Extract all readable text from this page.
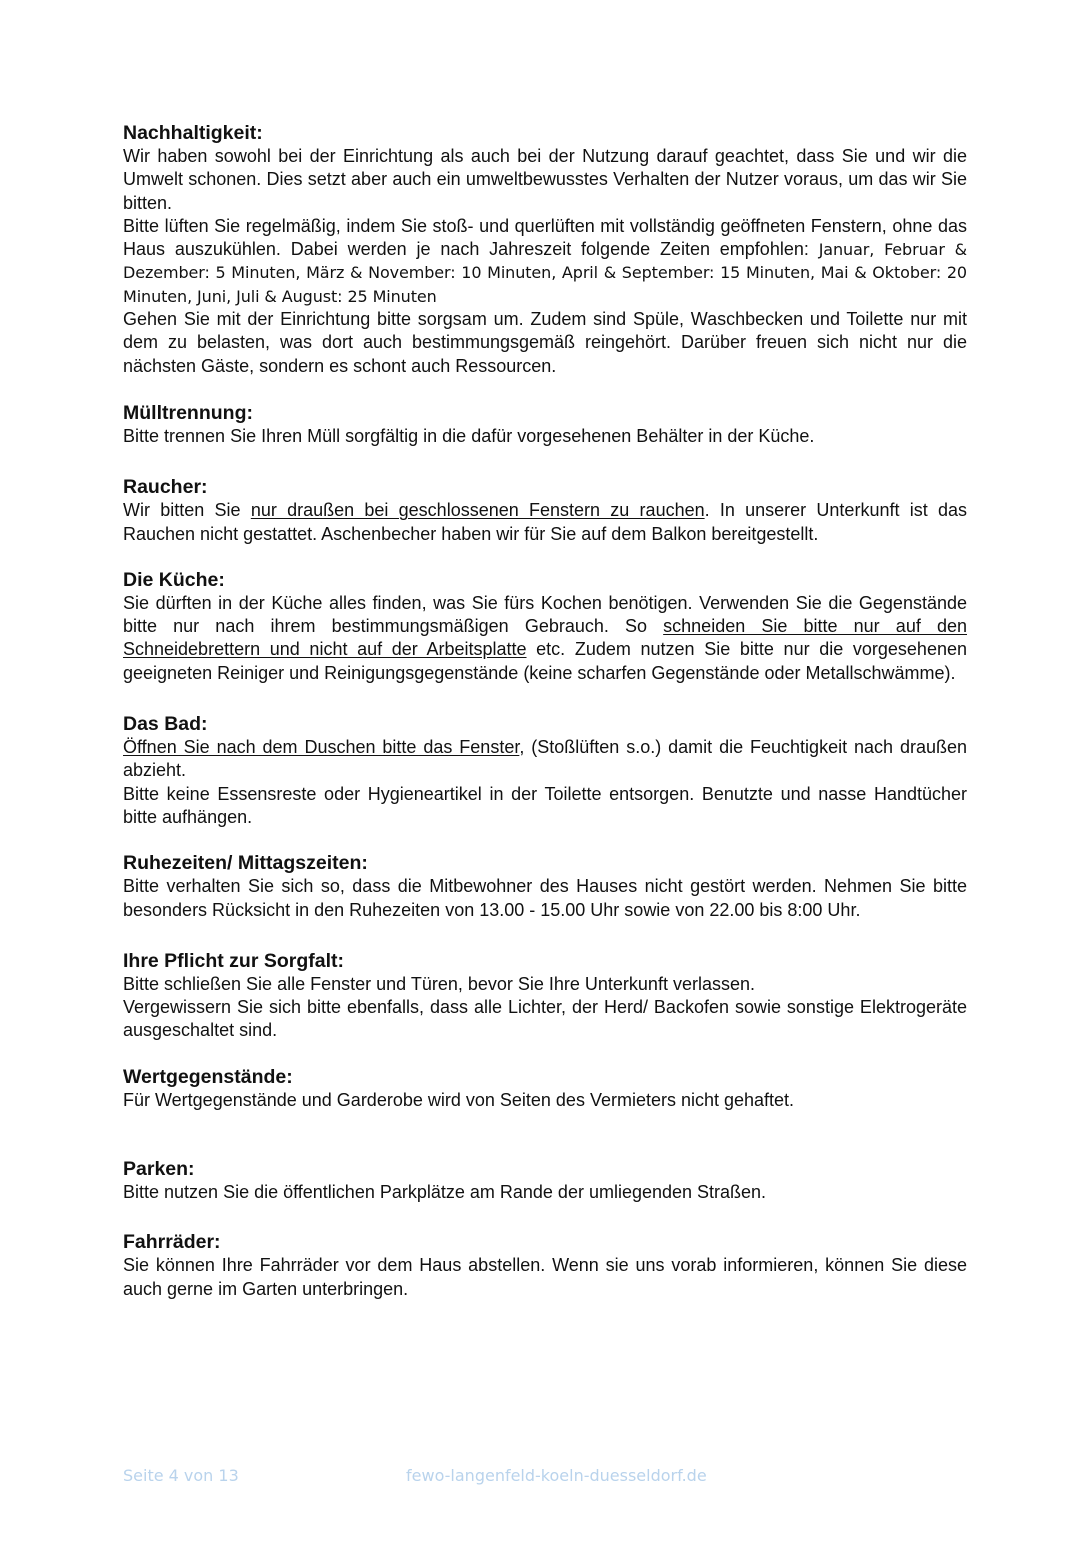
Nachhaltigkeit:

Wir haben sowohl bei der Einrichtung als auch bei der Nutzung darauf geachtet, dass Sie und wir die Umwelt schonen. Dies setzt aber auch ein umweltbewusstes Verhalten der Nutzer voraus, um das wir Sie bitten.

Bitte lüften Sie regelmäßig, indem Sie stoß- und querlüften mit vollständig geöffneten Fenstern, ohne das Haus auszukühlen. Dabei werden je nach Jahreszeit folgende Zeiten empfohlen: Januar, Februar & Dezember: 5 Minuten, März & November: 10 Minuten, April & September: 15 Minuten, Mai & Oktober: 20 Minuten, Juni, Juli & August: 25 Minuten

Gehen Sie mit der Einrichtung bitte sorgsam um. Zudem sind Spüle, Waschbecken und Toilette nur mit dem zu belasten, was dort auch bestimmungsgemäß reingehört. Darüber freuen sich nicht nur die nächsten Gäste, sondern es schont auch Ressourcen.

Mülltrennung:

Bitte trennen Sie Ihren Müll sorgfältig in die dafür vorgesehenen Behälter in der Küche.

Raucher:

Wir bitten Sie nur draußen bei geschlossenen Fenstern zu rauchen. In unserer Unterkunft ist das Rauchen nicht gestattet. Aschenbecher haben wir für Sie auf dem Balkon bereitgestellt.

Die Küche:

Sie dürften in der Küche alles finden, was Sie fürs Kochen benötigen. Verwenden Sie die Gegenstände bitte nur nach ihrem bestimmungsmäßigen Gebrauch. So schneiden Sie bitte nur auf den Schneidebrettern und nicht auf der Arbeitsplatte etc. Zudem nutzen Sie bitte nur die vorgesehenen geeigneten Reiniger und Reinigungsgegenstände (keine scharfen Gegenstände oder Metallschwämme).

Das Bad:

Öffnen Sie nach dem Duschen bitte das Fenster, (Stoßlüften s.o.) damit die Feuchtigkeit nach draußen abzieht.

Bitte keine Essensreste oder Hygieneartikel in der Toilette entsorgen. Benutzte und nasse Handtücher bitte aufhängen.

Ruhezeiten/ Mittagszeiten:

Bitte verhalten Sie sich so, dass die Mitbewohner des Hauses nicht gestört werden. Nehmen Sie bitte besonders Rücksicht in den Ruhezeiten von 13.00 - 15.00 Uhr sowie von 22.00 bis 8:00 Uhr.

Ihre Pflicht zur Sorgfalt:

Bitte schließen Sie alle Fenster und Türen, bevor Sie Ihre Unterkunft verlassen.

Vergewissern Sie sich bitte ebenfalls, dass alle Lichter, der Herd/ Backofen sowie sonstige Elektrogeräte ausgeschaltet sind.

Wertgegenstände:

Für Wertgegenstände und Garderobe wird von Seiten des Vermieters nicht gehaftet.

Parken:

Bitte nutzen Sie die öffentlichen Parkplätze am Rande der umliegenden Straßen.

Fahrräder:

Sie können Ihre Fahrräder vor dem Haus abstellen. Wenn sie uns vorab informieren, können Sie diese auch gerne im Garten unterbringen.

Seite 4 von 13	fewo-langenfeld-koeln-duesseldorf.de
